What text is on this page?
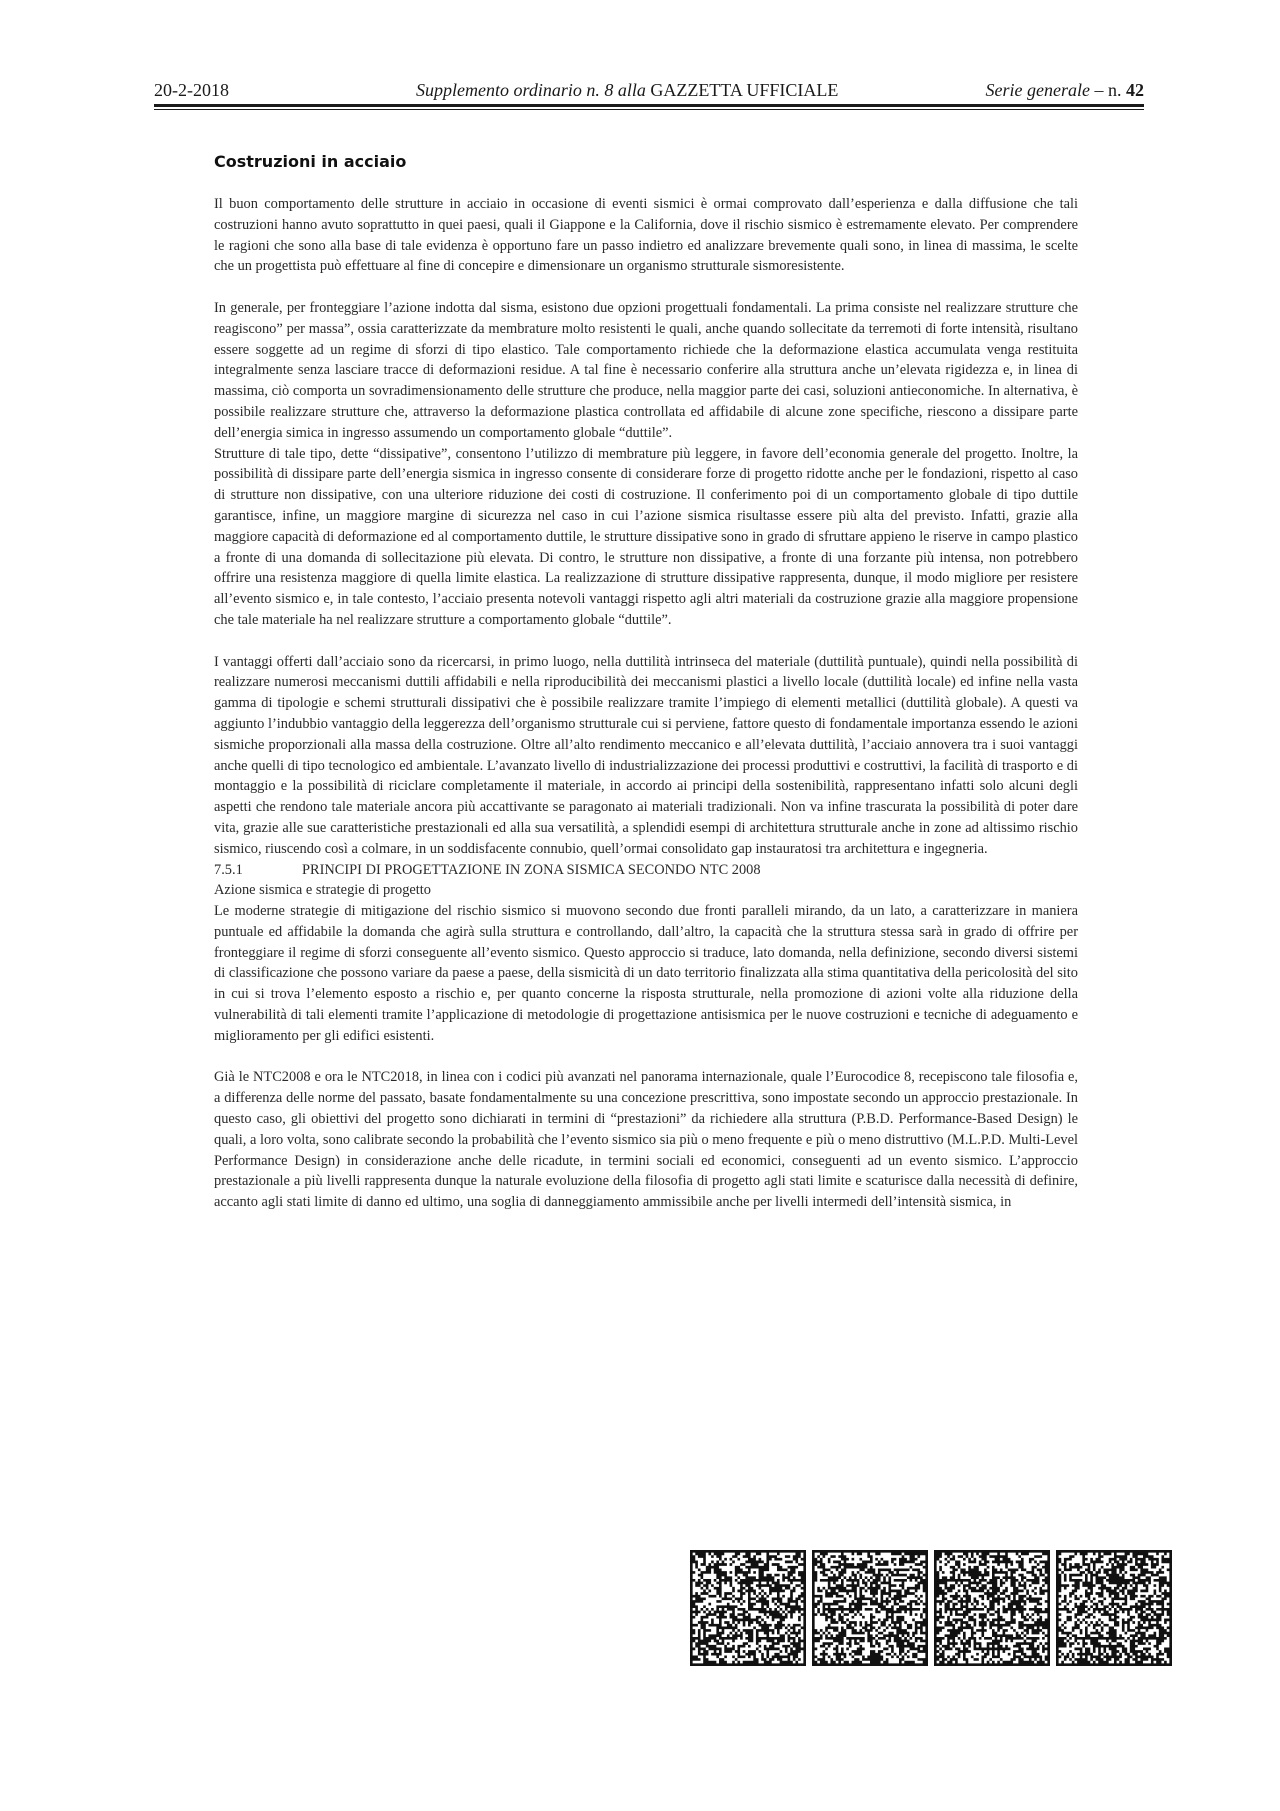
20-2-2018	Supplemento ordinario n. 8 alla GAZZETTA UFFICIALE	Serie generale – n. 42
Costruzioni in acciaio

Il buon comportamento delle strutture in acciaio in occasione di eventi sismici è ormai comprovato dall’esperienza e dalla diffusione che tali costruzioni hanno avuto soprattutto in quei paesi, quali il Giappone e la California, dove il rischio sismico è estremamente elevato. Per comprendere le ragioni che sono alla base di tale evidenza è opportuno fare un passo indietro ed analizzare brevemente quali sono, in linea di massima, le scelte che un progettista può effettuare al fine di concepire e dimensionare un organismo strutturale sismoresistente.

In generale, per fronteggiare l’azione indotta dal sisma, esistono due opzioni progettuali fondamentali. La prima consiste nel realizzare strutture che reagiscono” per massa”, ossia caratterizzate da membrature molto resistenti le quali, anche quando sollecitate da terremoti di forte intensità, risultano essere soggette ad un regime di sforzi di tipo elastico. Tale comportamento richiede che la deformazione elastica accumulata venga restituita integralmente senza lasciare tracce di deformazioni residue. A tal fine è necessario conferire alla struttura anche un’elevata rigidezza e, in linea di massima, ciò comporta un sovradimensionamento delle strutture che produce, nella maggior parte dei casi, soluzioni antieconomiche. In alternativa, è possibile realizzare strutture che, attraverso la deformazione plastica controllata ed affidabile di alcune zone specifiche, riescono a dissipare parte dell’energia simica in ingresso assumendo un comportamento globale “duttile”.

Strutture di tale tipo, dette “dissipative”, consentono l’utilizzo di membrature più leggere, in favore dell’economia generale del progetto. Inoltre, la possibilità di dissipare parte dell’energia sismica in ingresso consente di considerare forze di progetto ridotte anche per le fondazioni, rispetto al caso di strutture non dissipative, con una ulteriore riduzione dei costi di costruzione. Il conferimento poi di un comportamento globale di tipo duttile garantisce, infine, un maggiore margine di sicurezza nel caso in cui l’azione sismica risultasse essere più alta del previsto. Infatti, grazie alla maggiore capacità di deformazione ed al comportamento duttile, le strutture dissipative sono in grado di sfruttare appieno le riserve in campo plastico a fronte di una domanda di sollecitazione più elevata. Di contro, le strutture non dissipative, a fronte di una forzante più intensa, non potrebbero offrire una resistenza maggiore di quella limite elastica. La realizzazione di strutture dissipative rappresenta, dunque, il modo migliore per resistere all’evento sismico e, in tale contesto, l’acciaio presenta notevoli vantaggi rispetto agli altri materiali da costruzione grazie alla maggiore propensione che tale materiale ha nel realizzare strutture a comportamento globale “duttile”.

I vantaggi offerti dall’acciaio sono da ricercarsi, in primo luogo, nella duttilità intrinseca del materiale (duttilità puntuale), quindi nella possibilità di realizzare numerosi meccanismi duttili affidabili e nella riproducibilità dei meccanismi plastici a livello locale (duttilità locale) ed infine nella vasta gamma di tipologie e schemi strutturali dissipativi che è possibile realizzare tramite l’impiego di elementi metallici (duttilità globale). A questi va aggiunto l’indubbio vantaggio della leggerezza dell’organismo strutturale cui si perviene, fattore questo di fondamentale importanza essendo le azioni sismiche proporzionali alla massa della costruzione. Oltre all’alto rendimento meccanico e all’elevata duttilità, l’acciaio annovera tra i suoi vantaggi anche quelli di tipo tecnologico ed ambientale. L’avanzato livello di industrializzazione dei processi produttivi e costruttivi, la facilità di trasporto e di montaggio e la possibilità di riciclare completamente il materiale, in accordo ai principi della sostenibilità, rappresentano infatti solo alcuni degli aspetti che rendono tale materiale ancora più accattivante se paragonato ai materiali tradizionali. Non va infine trascurata la possibilità di poter dare vita, grazie alle sue caratteristiche prestazionali ed alla sua versatilità, a splendidi esempi di architettura strutturale anche in zone ad altissimo rischio sismico, riuscendo così a colmare, in un soddisfacente connubio, quell’ormai consolidato gap instauratosi tra architettura e ingegneria.

7.5.1	PRINCIPI DI PROGETTAZIONE IN ZONA SISMICA SECONDO NTC 2008
Azione sismica e strategie di progetto

Le moderne strategie di mitigazione del rischio sismico si muovono secondo due fronti paralleli mirando, da un lato, a caratterizzare in maniera puntuale ed affidabile la domanda che agirà sulla struttura e controllando, dall’altro, la capacità che la struttura stessa sarà in grado di offrire per fronteggiare il regime di sforzi conseguente all’evento sismico. Questo approccio si traduce, lato domanda, nella definizione, secondo diversi sistemi di classificazione che possono variare da paese a paese, della sismicità di un dato territorio finalizzata alla stima quantitativa della pericolosità del sito in cui si trova l’elemento esposto a rischio e, per quanto concerne la risposta strutturale, nella promozione di azioni volte alla riduzione della vulnerabilità di tali elementi tramite l’applicazione di metodologie di progettazione antisismica per le nuove costruzioni e tecniche di adeguamento e miglioramento per gli edifici esistenti.

Già le NTC2008 e ora le NTC2018, in linea con i codici più avanzati nel panorama internazionale, quale l’Eurocodice 8, recepiscono tale filosofia e, a differenza delle norme del passato, basate fondamentalmente su una concezione prescrittiva, sono impostate secondo un approccio prestazionale. In questo caso, gli obiettivi del progetto sono dichiarati in termini di “prestazioni” da richiedere alla struttura (P.B.D. Performance-Based Design) le quali, a loro volta, sono calibrate secondo la probabilità che l’evento sismico sia più o meno frequente e più o meno distruttivo (M.L.P.D. Multi-Level Performance Design) in considerazione anche delle ricadute, in termini sociali ed economici, conseguenti ad un evento sismico. L’approccio prestazionale a più livelli rappresenta dunque la naturale evoluzione della filosofia di progetto agli stati limite e scaturisce dalla necessità di definire, accanto agli stati limite di danno ed ultimo, una soglia di danneggiamento ammissibile anche per livelli intermedi dell’intensità sismica, in
